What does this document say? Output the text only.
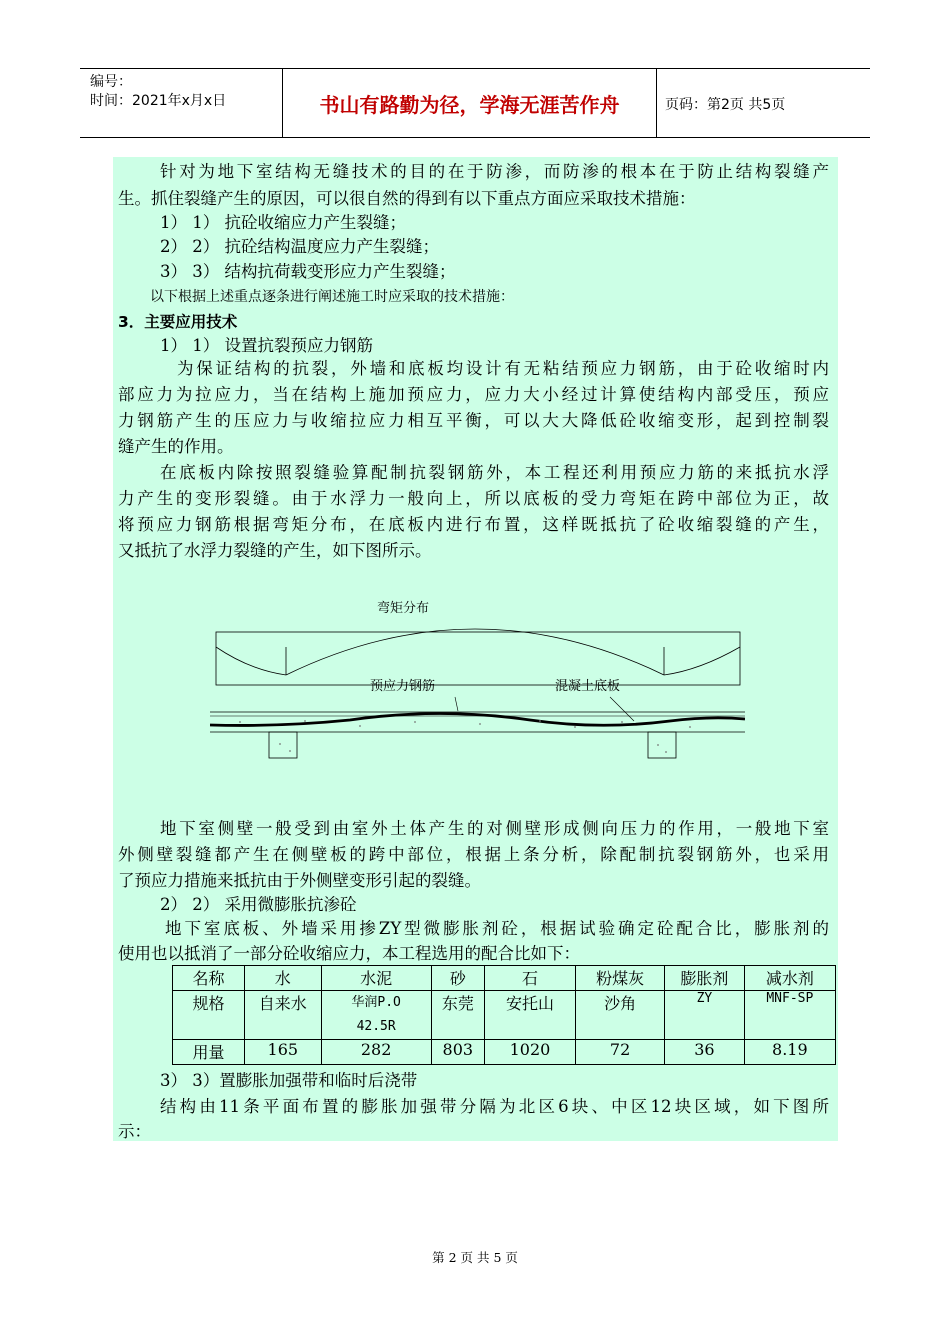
编号：
时间：2021年x月x日	书山有路勤为径，学海无涯苦作舟	页码：第2页 共5页
针对为地下室结构无缝技术的目的在于防渗，而防渗的根本在于防止结构裂缝产
生。抓住裂缝产生的原因，可以很自然的得到有以下重点方面应采取技术措施：
1） 1） 抗砼收缩应力产生裂缝；
2） 2） 抗砼结构温度应力产生裂缝；
3） 3） 结构抗荷载变形应力产生裂缝；
以下根据上述重点逐条进行阐述施工时应采取的技术措施：
3．主要应用技术
1） 1） 设置抗裂预应力钢筋
为保证结构的抗裂，外墙和底板均设计有无粘结预应力钢筋，由于砼收缩时内
部应力为拉应力，当在结构上施加预应力，应力大小经过计算使结构内部受压，预应
力钢筋产生的压应力与收缩拉应力相互平衡，可以大大降低砼收缩变形，起到控制裂
缝产生的作用。
在底板内除按照裂缝验算配制抗裂钢筋外，本工程还利用预应力筋的来抵抗水浮
力产生的变形裂缝。由于水浮力一般向上，所以底板的受力弯矩在跨中部位为正，故
将预应力钢筋根据弯矩分布，在底板内进行布置，这样既抵抗了砼收缩裂缝的产生，
又抵抗了水浮力裂缝的产生，如下图所示。
弯矩分布
预应力钢筋	混凝土底板
地下室侧壁一般受到由室外土体产生的对侧壁形成侧向压力的作用，一般地下室
外侧壁裂缝都产生在侧壁板的跨中部位，根据上条分析，除配制抗裂钢筋外，也采用
了预应力措施来抵抗由于外侧壁变形引起的裂缝。
2） 2） 采用微膨胀抗渗砼
地下室底板、外墙采用掺ZY型微膨胀剂砼，根据试验确定砼配合比，膨胀剂的
使用也以抵消了一部分砼收缩应力，本工程选用的配合比如下：
名称	水	水泥	砂	石	粉煤灰	膨胀剂	减水剂
规格	自来水	华润P.O
42.5R	东莞	安托山	沙角	ZY	MNF-SP
用量	165	282	803	1020	72	36	8.19
3） 3）置膨胀加强带和临时后浇带
结构由11条平面布置的膨胀加强带分隔为北区6块、中区12块区域，如下图所
示：
第 2 页 共 5 页
